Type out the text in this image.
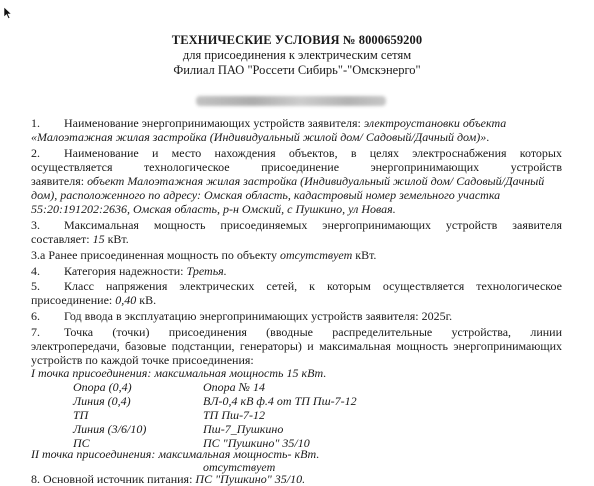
ТЕХНИЧЕСКИЕ УСЛОВИЯ № 8000659200
для присоединения к электрическим сетям
Филиал ПАО "Россети Сибирь"-"Омскэнерго"
1. Наименование энергопринимающих устройств заявителя: электроустановки объекта
«Малоэтажная жилая застройка (Индивидуальный жилой дом/ Садовый/Дачный дом)».
2. Наименование и место нахождения объектов, в целях электроснабжения которых
осуществляется технологическое присоединение энергопринимающих устройств
заявителя: объект Малоэтажная жилая застройка (Индивидуальный жилой дом/ Садовый/Дачный
дом), расположенного по адресу: Омская область, кадастровый номер земельного участка
55:20:191202:2636, Омская область, р-н Омский, с Пушкино, ул Новая.
3. Максимальная мощность присоединяемых энергопринимающих устройств заявителя
составляет: 15 кВт.
3.а Ранее присоединенная мощность по объекту отсутствует кВт.
4. Категория надежности: Третья.
5. Класс напряжения электрических сетей, к которым осуществляется технологическое
присоединение: 0,40 кВ.
6. Год ввода в эксплуатацию энергопринимающих устройств заявителя: 2025г.
7. Точка (точки) присоединения (вводные распределительные устройства, линии
электропередачи, базовые подстанции, генераторы) и максимальная мощность энергопринимающих
устройств по каждой точке присоединения:
I точка присоединения: максимальная мощность 15 кВт.
Опора (0,4)	Опора № 14
Линия (0,4)	ВЛ-0,4 кВ ф.4 от ТП Пш-7-12
ТП	ТП Пш-7-12
Линия (3/6/10)	Пш-7_Пушкино
ПС	ПС "Пушкино" 35/10
II точка присоединения: максимальная мощность- кВт.
отсутствует
8. Основной источник питания: ПС "Пушкино" 35/10.
